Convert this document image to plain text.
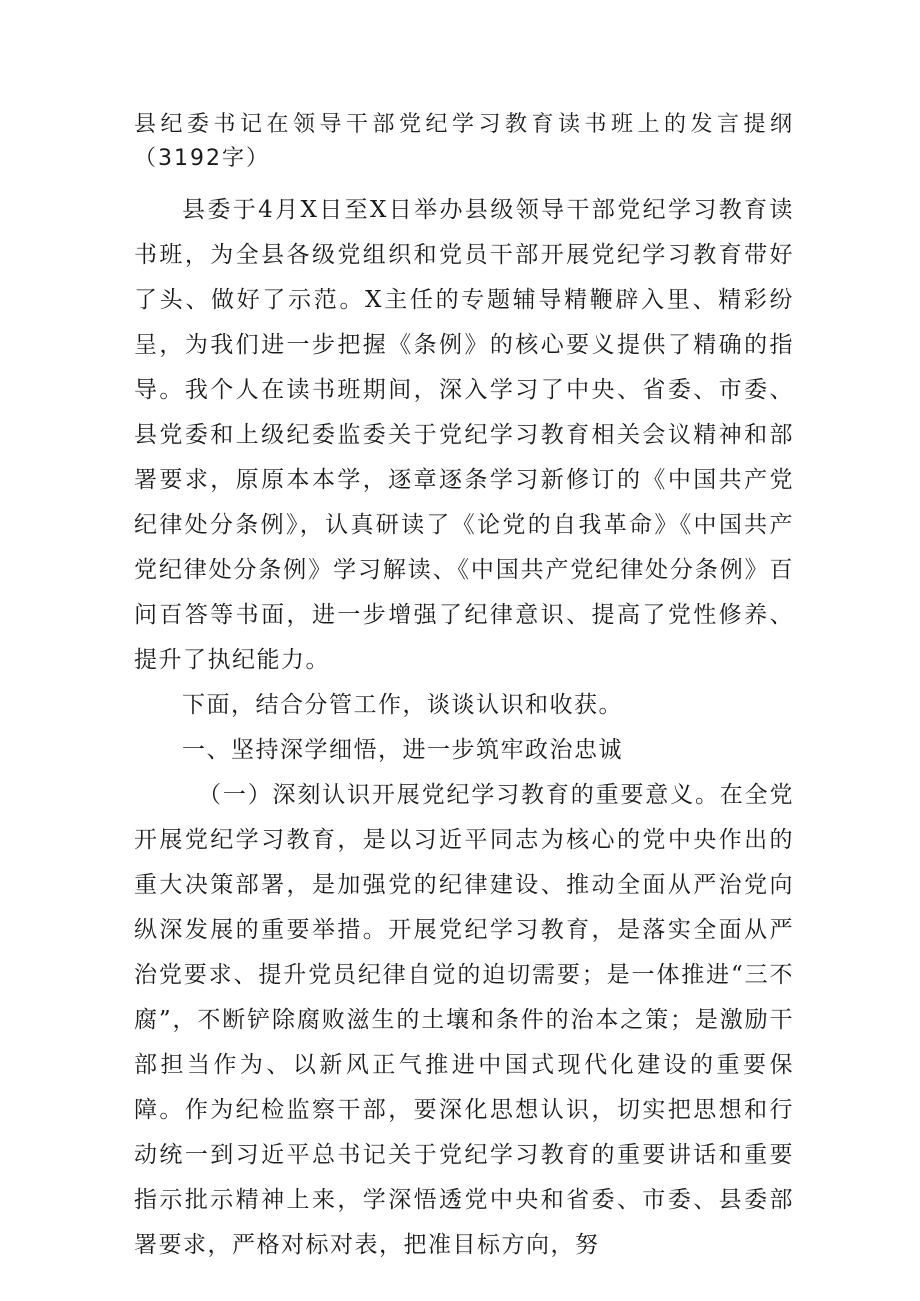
县纪委书记在领导干部党纪学习教育读书班上的发言提纲（3192字）

县委于4月X日至X日举办县级领导干部党纪学习教育读书班，为全县各级党组织和党员干部开展党纪学习教育带好了头、做好了示范。X主任的专题辅导精鞭辟入里、精彩纷呈，为我们进一步把握《条例》的核心要义提供了精确的指导。我个人在读书班期间，深入学习了中央、省委、市委、县党委和上级纪委监委关于党纪学习教育相关会议精神和部署要求，原原本本学，逐章逐条学习新修订的《中国共产党纪律处分条例》，认真研读了《论党的自我革命》《中国共产党纪律处分条例》学习解读、《中国共产党纪律处分条例》百问百答等书面，进一步增强了纪律意识、提高了党性修养、提升了执纪能力。

下面，结合分管工作，谈谈认识和收获。

一、坚持深学细悟，进一步筑牢政治忠诚

（一）深刻认识开展党纪学习教育的重要意义。在全党开展党纪学习教育，是以习近平同志为核心的党中央作出的重大决策部署，是加强党的纪律建设、推动全面从严治党向纵深发展的重要举措。开展党纪学习教育，是落实全面从严治党要求、提升党员纪律自觉的迫切需要；是一体推进“三不腐”，不断铲除腐败滋生的土壤和条件的治本之策；是激励干部担当作为、以新风正气推进中国式现代化建设的重要保障。作为纪检监察干部，要深化思想认识，切实把思想和行动统一到习近平总书记关于党纪学习教育的重要讲话和重要指示批示精神上来，学深悟透党中央和省委、市委、县委部署要求，严格对标对表，把准目标方向，努
